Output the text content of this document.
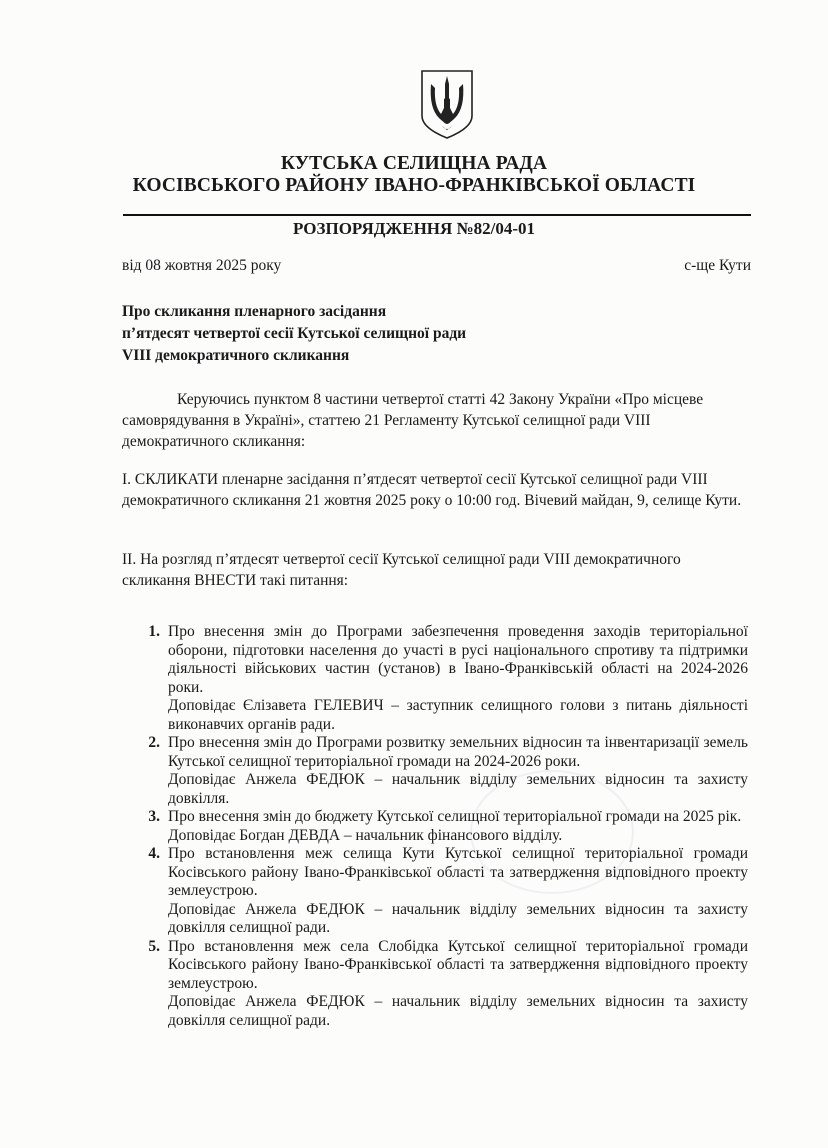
КУТСЬКА СЕЛИЩНА РАДА
КОСІВСЬКОГО РАЙОНУ ІВАНО-ФРАНКІВСЬКОЇ ОБЛАСТІ
РОЗПОРЯДЖЕННЯ №82/04-01
від 08 жовтня 2025 року	с-ще Кути
Про скликання пленарного засідання
п’ятдесят четвертої сесії Кутської селищної ради
VIII демократичного скликання
Керуючись пунктом 8 частини четвертої статті 42 Закону України «Про місцеве самоврядування в Україні», статтею 21 Регламенту Кутської селищної ради VIII демократичного скликання:
I. СКЛИКАТИ пленарне засідання п’ятдесят четвертої сесії Кутської селищної ради VIII демократичного скликання 21 жовтня 2025 року о 10:00 год. Вічевий майдан, 9, селище Кути.
II. На розгляд п’ятдесят четвертої сесії Кутської селищної ради VIII демократичного скликання ВНЕСТИ такі питання:
1. Про внесення змін до Програми забезпечення проведення заходів територіальної оборони, підготовки населення до участі в русі національного спротиву та підтримки діяльності військових частин (установ) в Івано-Франківській області на 2024-2026 роки.
Доповідає Єлізавета ГЕЛЕВИЧ – заступник селищного голови з питань діяльності виконавчих органів ради.
2. Про внесення змін до Програми розвитку земельних відносин та інвентаризації земель Кутської селищної територіальної громади на 2024-2026 роки.
Доповідає Анжела ФЕДЮК – начальник відділу земельних відносин та захисту довкілля.
3. Про внесення змін до бюджету Кутської селищної територіальної громади на 2025 рік.
Доповідає Богдан ДЕВДА – начальник фінансового відділу.
4. Про встановлення меж селища Кути Кутської селищної територіальної громади Косівського району Івано-Франківської області та затвердження відповідного проекту землеустрою.
Доповідає Анжела ФЕДЮК – начальник відділу земельних відносин та захисту довкілля селищної ради.
5. Про встановлення меж села Слобідка Кутської селищної територіальної громади Косівського району Івано-Франківської області та затвердження відповідного проекту землеустрою.
Доповідає Анжела ФЕДЮК – начальник відділу земельних відносин та захисту довкілля селищної ради.
